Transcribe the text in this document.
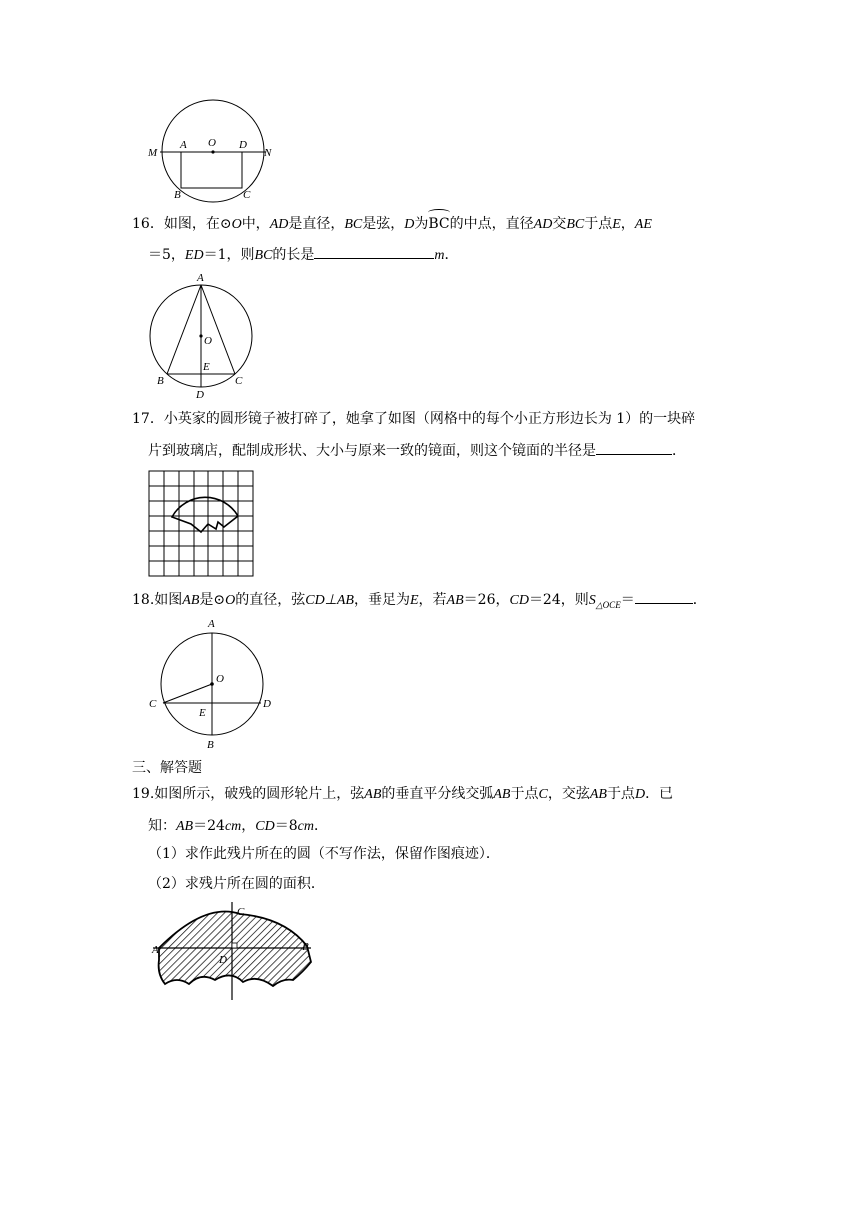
M
A O D
N
B	C
16．如图，在⊙O中，AD是直径，BC是弦，D为BC的中点，直径AD交BC于点E，AE
＝5，ED＝1，则BC的长是	m．
A
O
E
B	C
D
17．小英家的圆形镜子被打碎了，她拿了如图（网格中的每个小正方形边长为 1）的一块碎
片到玻璃店，配制成形状、大小与原来一致的镜面，则这个镜面的半径是	．
18.如图AB是⊙O的直径，弦CD⊥AB，垂足为E，若AB＝26，CD＝24，则$S_{\triangle OCE}=$	．
A
O
C	D
E
B
三、解答题
19.如图所示，破残的圆形轮片上，弦AB的垂直平分线交弧AB于点C，交弦AB于点D．已
知：AB＝24cm，CD＝8cm．
（1）求作此残片所在的圆（不写作法，保留作图痕迹）．
（2）求残片所在圆的面积．
C
A	B
D
